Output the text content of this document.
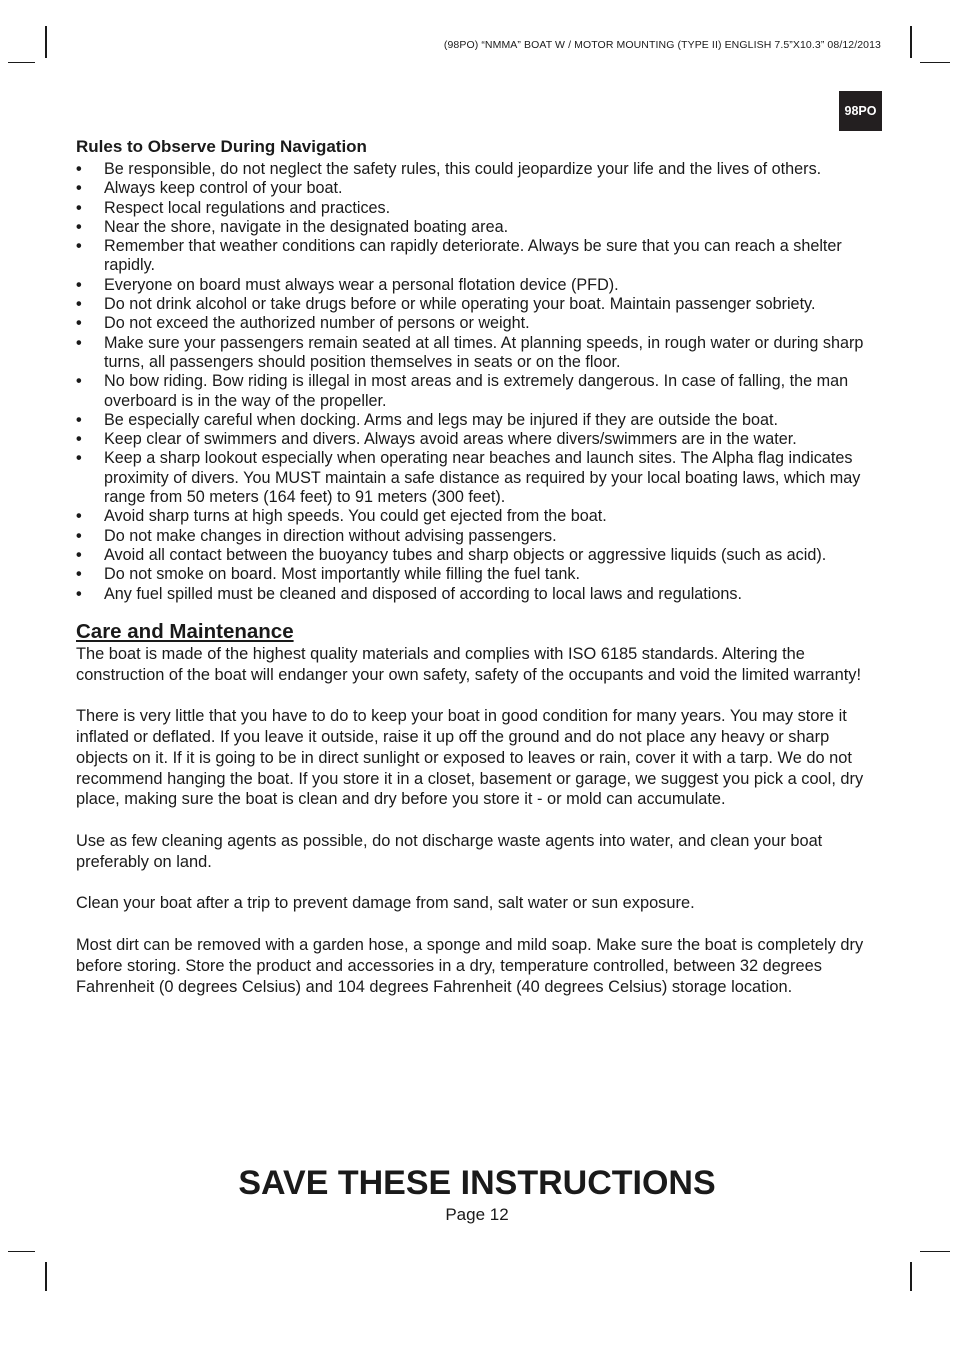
(98PO) “NMMA” BOAT W / MOTOR MOUNTING (TYPE II) ENGLISH 7.5”X10.3” 08/12/2013
98PO
Rules to Observe During Navigation
• Be responsible, do not neglect the safety rules, this could jeopardize your life and the lives of others.
• Always keep control of your boat.
• Respect local regulations and practices.
• Near the shore, navigate in the designated boating area.
• Remember that weather conditions can rapidly deteriorate. Always be sure that you can reach a shelter rapidly.
• Everyone on board must always wear a personal flotation device (PFD).
• Do not drink alcohol or take drugs before or while operating your boat. Maintain passenger sobriety.
• Do not exceed the authorized number of persons or weight.
• Make sure your passengers remain seated at all times. At planning speeds, in rough water or during sharp turns, all passengers should position themselves in seats or on the floor.
• No bow riding. Bow riding is illegal in most areas and is extremely dangerous. In case of falling, the man overboard is in the way of the propeller.
• Be especially careful when docking. Arms and legs may be injured if they are outside the boat.
• Keep clear of swimmers and divers. Always avoid areas where divers/swimmers are in the water.
• Keep a sharp lookout especially when operating near beaches and launch sites. The Alpha flag indicates proximity of divers. You MUST maintain a safe distance as required by your local boating laws, which may range from 50 meters (164 feet) to 91 meters (300 feet).
• Avoid sharp turns at high speeds. You could get ejected from the boat.
• Do not make changes in direction without advising passengers.
• Avoid all contact between the buoyancy tubes and sharp objects or aggressive liquids (such as acid).
• Do not smoke on board. Most importantly while filling the fuel tank.
• Any fuel spilled must be cleaned and disposed of according to local laws and regulations.
Care and Maintenance

The boat is made of the highest quality materials and complies with ISO 6185 standards. Altering the construction of the boat will endanger your own safety, safety of the occupants and void the limited warranty!

There is very little that you have to do to keep your boat in good condition for many years. You may store it inflated or deflated. If you leave it outside, raise it up off the ground and do not place any heavy or sharp objects on it. If it is going to be in direct sunlight or exposed to leaves or rain, cover it with a tarp. We do not recommend hanging the boat. If you store it in a closet, basement or garage, we suggest you pick a cool, dry place, making sure the boat is clean and dry before you store it - or mold can accumulate.

Use as few cleaning agents as possible, do not discharge waste agents into water, and clean your boat preferably on land.

Clean your boat after a trip to prevent damage from sand, salt water or sun exposure.

Most dirt can be removed with a garden hose, a sponge and mild soap. Make sure the boat is completely dry before storing. Store the product and accessories in a dry, temperature controlled, between 32 degrees Fahrenheit (0 degrees Celsius) and 104 degrees Fahrenheit (40 degrees Celsius) storage location.

SAVE THESE INSTRUCTIONS
Page 12
